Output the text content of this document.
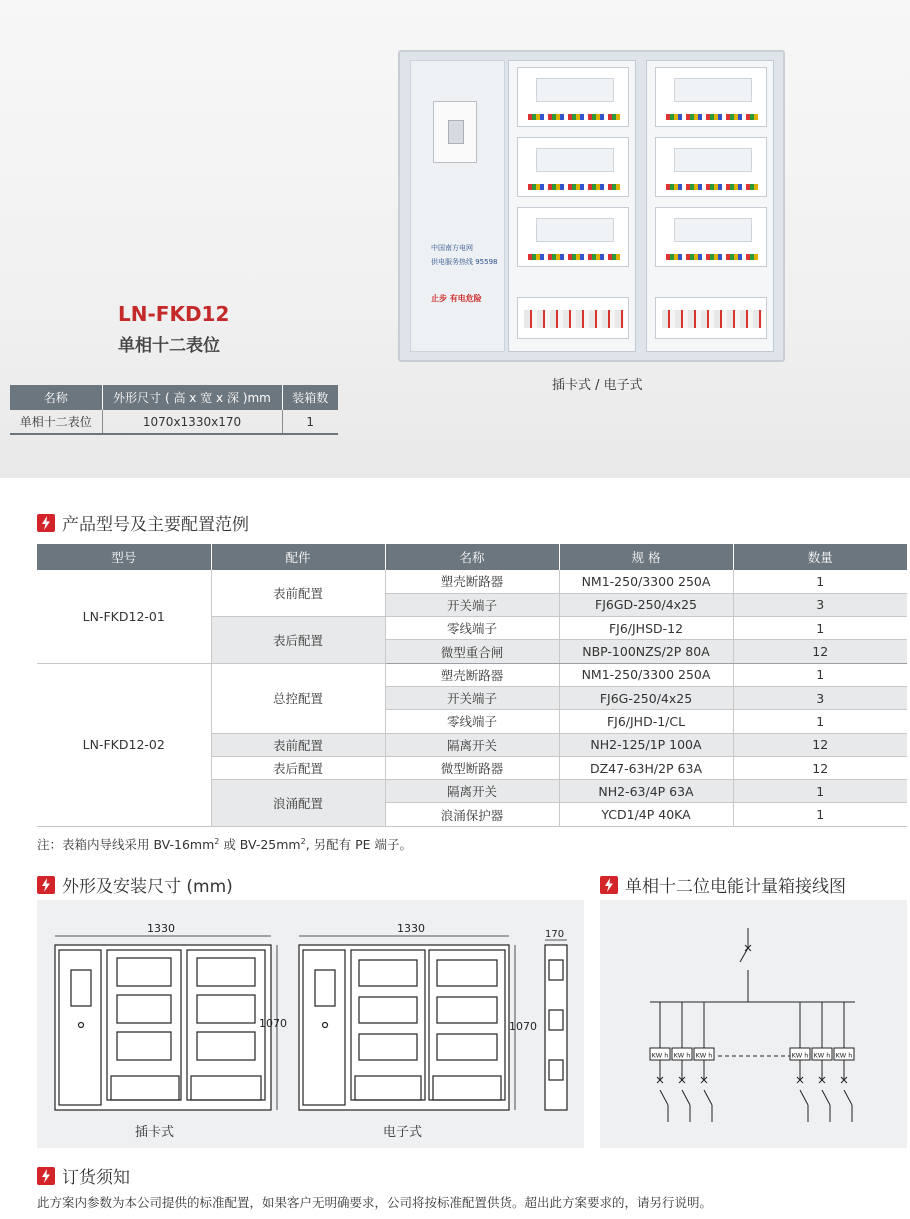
中国南方电网
供电服务热线 95598
止步 有电危险
LN-FKD12
单相十二表位
插卡式 / 电子式
名称	外形尺寸 ( 高 x 宽 x 深 )mm	装箱数
单相十二表位	1070x1330x170	1
产品型号及主要配置范例
型号	配件	名称	规 格	数量
LN-FKD12-01	表前配置	塑壳断路器	NM1-250/3300 250A	1
		开关端子	FJ6GD-250/4x25	3
	表后配置	零线端子	FJ6/JHSD-12	1
		微型重合闸	NBP-100NZS/2P 80A	12
LN-FKD12-02	总控配置	塑壳断路器	NM1-250/3300 250A	1
		开关端子	FJ6G-250/4x25	3
		零线端子	FJ6/JHD-1/CL	1
	表前配置	隔离开关	NH2-125/1P 100A	12
	表后配置	微型断路器	DZ47-63H/2P 63A	12
	浪涌配置	隔离开关	NH2-63/4P 63A	1
		浪涌保护器	YCD1/4P 40KA	1
注：表箱内导线采用 $BV-16mm^2$ 或 $BV-25mm^2$, 另配有 PE 端子。
外形及安装尺寸 (mm)
1330
1070
1330
1070
170
插卡式	电子式
单相十二位电能计量箱接线图
KW h KW h KW h	KW h KW h KW h
订货须知
此方案内参数为本公司提供的标准配置，如果客户无明确要求，公司将按标准配置供货。超出此方案要求的，请另行说明。
